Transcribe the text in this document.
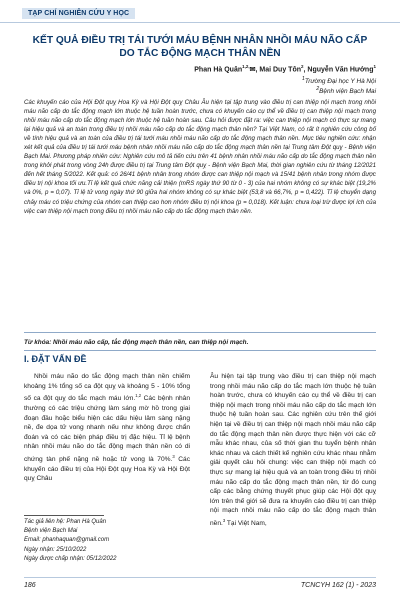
TẠP CHÍ NGHIÊN CỨU Y HỌC
KẾT QUẢ ĐIỀU TRỊ TÁI TƯỚI MÁU BỆNH NHÂN NHỒI MÁU NÃO CẤP DO TẮC ĐỘNG MẠCH THÂN NỀN
Phan Hà Quân$^{1,2,}$✉, Mai Duy Tôn$^2$, Nguyễn Văn Hướng$^1$
$^1$Trường Đại học Y Hà Nội
$^2$Bệnh viện Bạch Mai

Các khuyến cáo của Hội Đột quỵ Hoa Kỳ và Hội Đột quỵ Châu Âu hiện tại tập trung vào điều trị can thiệp nội mạch trong nhồi máu não cấp do tắc động mạch lớn thuộc hệ tuần hoàn trước, chưa có khuyến cáo cụ thể về điều trị can thiệp nội mạch trong nhồi máu não cấp do tắc động mạch lớn thuộc hệ tuần hoàn sau. Câu hỏi được đặt ra: việc can thiệp nội mạch có thực sự mang lại hiệu quả và an toàn trong điều trị nhồi máu não cấp do tắc động mạch thân nền? Tại Việt Nam, có rất ít nghiên cứu công bố về tính hiệu quả và an toàn của điều trị tái tưới máu nhồi máu não cấp do tắc động mạch thân nền. Mục tiêu nghiên cứu: nhận xét kết quả của điều trị tái tưới máu bệnh nhân nhồi máu não cấp do tắc động mạch thân nền tại Trung tâm Đột quỵ - Bệnh viện Bạch Mai. Phương pháp nhiên cứu: Nghiên cứu mô tả tiến cứu trên 41 bệnh nhân nhồi máu não cấp do tắc động mạch thân nền trong khởi phát trong vòng 24h được điều trị tại Trung tâm Đột quỵ - Bệnh viện Bạch Mai, thời gian nghiên cứu từ tháng 12/2021 đến hết tháng 5/2022. Kết quả: có 26/41 bệnh nhân trong nhóm được can thiệp nội mạch và 15/41 bệnh nhân trong nhóm được điều trị nội khoa tối ưu.Tỉ lệ kết quả chức năng cải thiện (mRS ngày thứ 90 từ 0 - 3) của hai nhóm không có sự khác biệt (19,2% và 0%, p = 0,07). Tỉ lệ tử vong ngày thứ 90 giữa hai nhóm không có sự khác biệt (53,8 và 66,7%, p = 0,422). Tỉ lệ chuyển dạng chảy máu có triệu chứng của nhóm can thiệp cao hơn nhóm điều trị nội khoa (p = 0,018). Kết luận: chưa loại trừ được lợi ích của việc can thiệp nội mạch trong điều trị nhồi máu não cấp do tắc động mạch thân nền.

Từ khóa: Nhồi máu não cấp, tắc động mạch thân nền, can thiệp nội mạch.
I. ĐẶT VẤN ĐỀ

Nhồi máu não do tắc động mạch thân nền chiếm khoảng 1% tổng số ca đột quỵ và khoảng 5 - 10% tổng số ca đột quỵ do tắc mạch máu lớn.$^{1,2}$ Các bệnh nhân thường có các triệu chứng làm sáng mờ hồ trong giai đoạn đầu hoặc biểu hiện các dấu hiệu lâm sàng nặng nề, đe dọa tử vong nhanh nếu như không được chẩn đoán và có các biện pháp điều trị đặc hiệu. Tỉ lệ bệnh nhân nhồi máu não do tắc động mạch thân nền có di chứng tàn phế nặng nề hoặc tử vong là 70%.$^3$ Các khuyến cáo điều trị của Hội Đột quỵ Hoa Kỳ và Hội Đột quỵ Châu

Âu hiện tại tập trung vào điều trị can thiệp nội mạch trong nhồi máu não cấp do tắc mạch lớn thuộc hệ tuần hoàn trước, chưa có khuyến cáo cụ thể về điều trị can thiệp nội mạch trong nhồi máu não cấp do tắc mạch lớn thuộc hệ tuần hoàn sau. Các nghiên cứu trên thế giới hiện tại về điều trị can thiệp nội mạch nhồi máu não cấp do tắc động mạch thân nền được thực hiện với các cỡ mẫu khác nhau, của số thời gian thu tuyển bệnh nhân khác nhau và cách thiết kế nghiên cứu khác nhau nhằm giải quyết câu hỏi chung: việc can thiệp nội mạch có thực sự mang lại hiệu quả và an toàn trong điều trị nhồi máu não cấp do tắc động mạch thân nền, từ đó cung cấp các bằng chứng thuyết phục giúp các Hội đột quỵ lớn trên thế giới sẽ đưa ra khuyến cáo điều trị can thiệp nội mạch nhồi máu não cấp do tắc động mạch thân nền.$^3$ Tại Việt Nam,

Tác giả liên hệ: Phan Hà Quân
Bệnh viện Bạch Mai
Email: phanhaquan@gmail.com
Ngày nhận: 25/10/2022
Ngày được chấp nhận: 05/12/2022
186	TCNCYH 162 (1) - 2023
